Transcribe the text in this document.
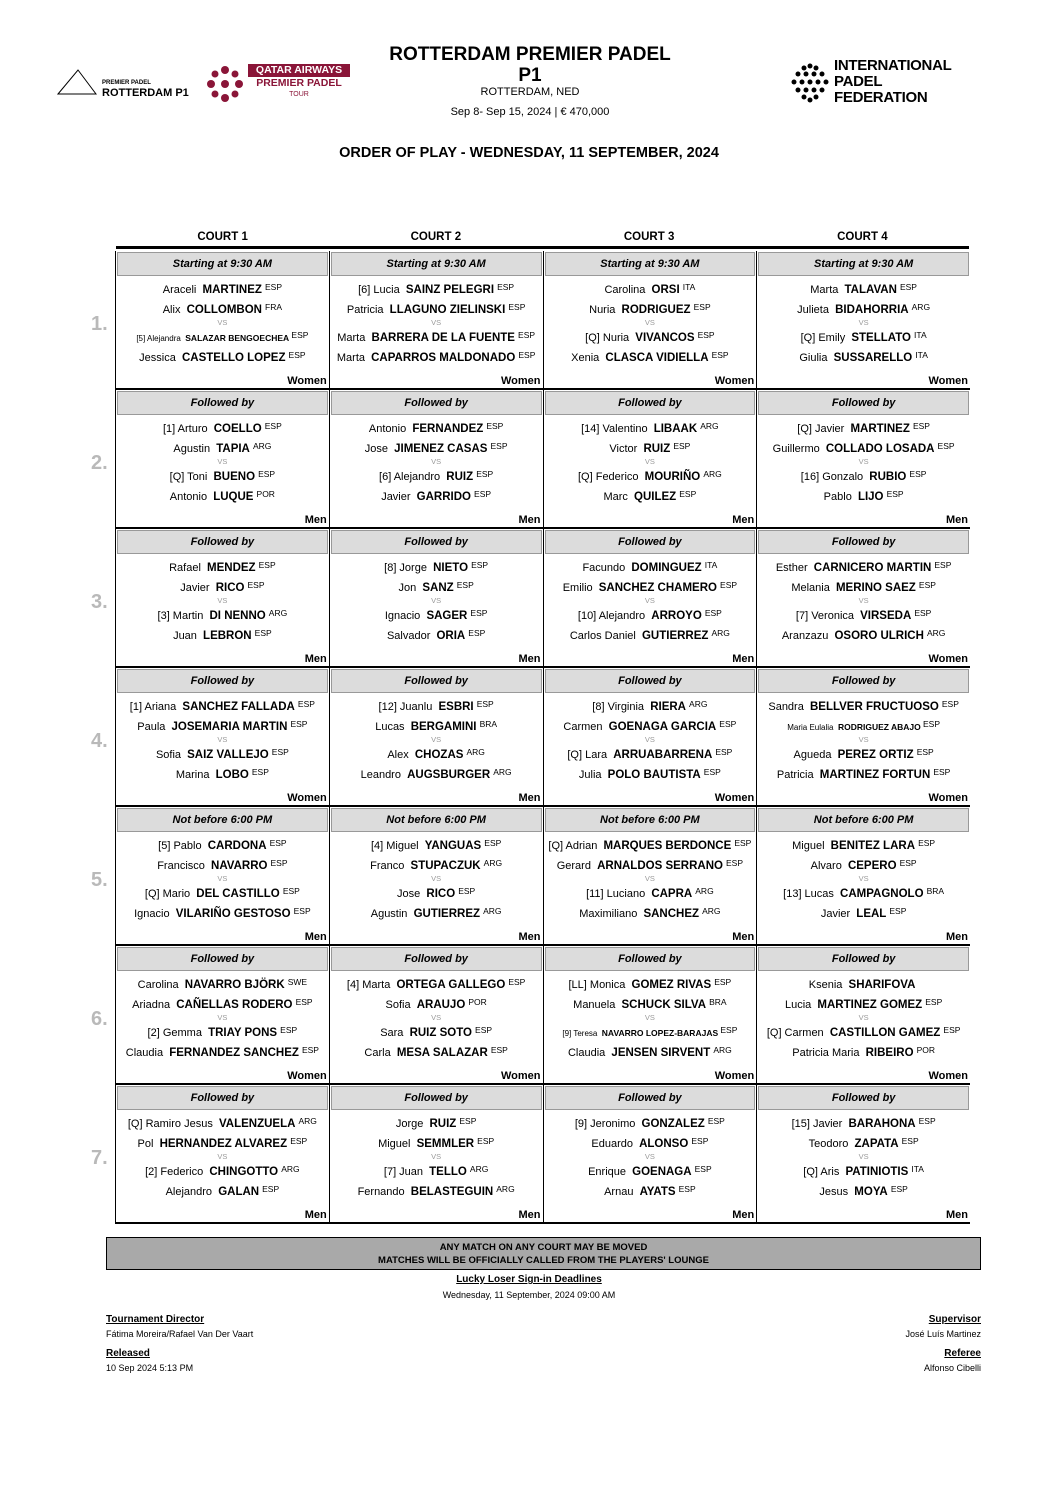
PREMIER PADEL
ROTTERDAM P1
QATAR AIRWAYS
PREMIER PADEL
TOUR
INTERNATIONAL
PADEL
FEDERATION
ROTTERDAM PREMIER PADEL
P1
ROTTERDAM, NED
Sep 8- Sep 15, 2024 | € 470,000
ORDER OF PLAY - WEDNESDAY, 11 SEPTEMBER, 2024
COURT 1	COURT 2	COURT 3	COURT 4
1.
Starting at 9:30 AM
Araceli MARTINEZ $^{ESP}$
Alix COLLOMBON $^{FRA}$
VS
[5] Alejandra SALAZAR BENGOECHEA ESP
Jessica CASTELLO LOPEZ $^{ESP}$
Women
Starting at 9:30 AM
[6] Lucia SAINZ PELEGRI $^{ESP}$
Patricia LLAGUNO ZIELINSKI $^{ESP}$
VS
Marta BARRERA DE LA FUENTE $^{ESP}$
Marta CAPARROS MALDONADO $^{ESP}$
Women
Starting at 9:30 AM
Carolina ORSI $^{ITA}$
Nuria RODRIGUEZ $^{ESP}$
VS
[Q] Nuria VIVANCOS $^{ESP}$
Xenia CLASCA VIDIELLA $^{ESP}$
Women
Starting at 9:30 AM
Marta TALAVAN $^{ESP}$
Julieta BIDAHORRIA $^{ARG}$
VS
[Q] Emily STELLATO $^{ITA}$
Giulia SUSSARELLO $^{ITA}$
Women
2.
Followed by
[1] Arturo COELLO $^{ESP}$
Agustin TAPIA $^{ARG}$
VS
[Q] Toni BUENO $^{ESP}$
Antonio LUQUE $^{POR}$
Men
Followed by
Antonio FERNANDEZ $^{ESP}$
Jose JIMENEZ CASAS $^{ESP}$
VS
[6] Alejandro RUIZ $^{ESP}$
Javier GARRIDO $^{ESP}$
Men
Followed by
[14] Valentino LIBAAK $^{ARG}$
Victor RUIZ $^{ESP}$
VS
[Q] Federico MOURIÑO $^{ARG}$
Marc QUILEZ $^{ESP}$
Men
Followed by
[Q] Javier MARTINEZ $^{ESP}$
Guillermo COLLADO LOSADA $^{ESP}$
VS
[16] Gonzalo RUBIO $^{ESP}$
Pablo LIJO $^{ESP}$
Men
3.
Followed by
Rafael MENDEZ $^{ESP}$
Javier RICO $^{ESP}$
VS
[3] Martin DI NENNO $^{ARG}$
Juan LEBRON $^{ESP}$
Men
Followed by
[8] Jorge NIETO $^{ESP}$
Jon SANZ $^{ESP}$
VS
Ignacio SAGER $^{ESP}$
Salvador ORIA $^{ESP}$
Men
Followed by
Facundo DOMINGUEZ $^{ITA}$
Emilio SANCHEZ CHAMERO $^{ESP}$
VS
[10] Alejandro ARROYO $^{ESP}$
Carlos Daniel GUTIERREZ $^{ARG}$
Men
Followed by
Esther CARNICERO MARTIN $^{ESP}$
Melania MERINO SAEZ $^{ESP}$
VS
[7] Veronica VIRSEDA $^{ESP}$
Aranzazu OSORO ULRICH $^{ARG}$
Women
4.
Followed by
[1] Ariana SANCHEZ FALLADA $^{ESP}$
Paula JOSEMARIA MARTIN $^{ESP}$
VS
Sofia SAIZ VALLEJO $^{ESP}$
Marina LOBO $^{ESP}$
Women
Followed by
[12] Juanlu ESBRI $^{ESP}$
Lucas BERGAMINI $^{BRA}$
VS
Alex CHOZAS $^{ARG}$
Leandro AUGSBURGER $^{ARG}$
Men
Followed by
[8] Virginia RIERA $^{ARG}$
Carmen GOENAGA GARCIA $^{ESP}$
VS
[Q] Lara ARRUABARRENA $^{ESP}$
Julia POLO BAUTISTA $^{ESP}$
Women
Followed by
Sandra BELLVER FRUCTUOSO $^{ESP}$
Maria Eulalia RODRIGUEZ ABAJO ESP
VS
Agueda PEREZ ORTIZ $^{ESP}$
Patricia MARTINEZ FORTUN $^{ESP}$
Women
5.
Not before 6:00 PM
[5] Pablo CARDONA $^{ESP}$
Francisco NAVARRO $^{ESP}$
VS
[Q] Mario DEL CASTILLO $^{ESP}$
Ignacio VILARIÑO GESTOSO $^{ESP}$
Men
Not before 6:00 PM
[4] Miguel YANGUAS $^{ESP}$
Franco STUPACZUK $^{ARG}$
VS
Jose RICO $^{ESP}$
Agustin GUTIERREZ $^{ARG}$
Men
Not before 6:00 PM
[Q] Adrian MARQUES BERDONCE $^{ESP}$
Gerard ARNALDOS SERRANO $^{ESP}$
VS
[11] Luciano CAPRA $^{ARG}$
Maximiliano SANCHEZ $^{ARG}$
Men
Not before 6:00 PM
Miguel BENITEZ LARA $^{ESP}$
Alvaro CEPERO $^{ESP}$
VS
[13] Lucas CAMPAGNOLO $^{BRA}$
Javier LEAL $^{ESP}$
Men
6.
Followed by
Carolina NAVARRO BJÖRK $^{SWE}$
Ariadna CAÑELLAS RODERO $^{ESP}$
VS
[2] Gemma TRIAY PONS $^{ESP}$
Claudia FERNANDEZ SANCHEZ $^{ESP}$
Women
Followed by
[4] Marta ORTEGA GALLEGO $^{ESP}$
Sofia ARAUJO $^{POR}$
VS
Sara RUIZ SOTO $^{ESP}$
Carla MESA SALAZAR $^{ESP}$
Women
Followed by
[LL] Monica GOMEZ RIVAS $^{ESP}$
Manuela SCHUCK SILVA $^{BRA}$
VS
[9] Teresa NAVARRO LOPEZ-BARAJAS ESP
Claudia JENSEN SIRVENT $^{ARG}$
Women
Followed by
Ksenia SHARIFOVA
Lucia MARTINEZ GOMEZ $^{ESP}$
VS
[Q] Carmen CASTILLON GAMEZ $^{ESP}$
Patricia Maria RIBEIRO $^{POR}$
Women
7.
Followed by
[Q] Ramiro Jesus VALENZUELA $^{ARG}$
Pol HERNANDEZ ALVAREZ $^{ESP}$
VS
[2] Federico CHINGOTTO $^{ARG}$
Alejandro GALAN $^{ESP}$
Men
Followed by
Jorge RUIZ $^{ESP}$
Miguel SEMMLER $^{ESP}$
VS
[7] Juan TELLO $^{ARG}$
Fernando BELASTEGUIN $^{ARG}$
Men
Followed by
[9] Jeronimo GONZALEZ $^{ESP}$
Eduardo ALONSO $^{ESP}$
VS
Enrique GOENAGA $^{ESP}$
Arnau AYATS $^{ESP}$
Men
Followed by
[15] Javier BARAHONA $^{ESP}$
Teodoro ZAPATA $^{ESP}$
VS
[Q] Aris PATINIOTIS $^{ITA}$
Jesus MOYA $^{ESP}$
Men
ANY MATCH ON ANY COURT MAY BE MOVED
MATCHES WILL BE OFFICIALLY CALLED FROM THE PLAYERS' LOUNGE
Lucky Loser Sign-in Deadlines
Wednesday, 11 September, 2024 09:00 AM
Tournament Director
Fátima Moreira/Rafael Van Der Vaart
Released
10 Sep 2024 5:13 PM
Supervisor
José Luís Martinez
Referee
Alfonso Cibelli
